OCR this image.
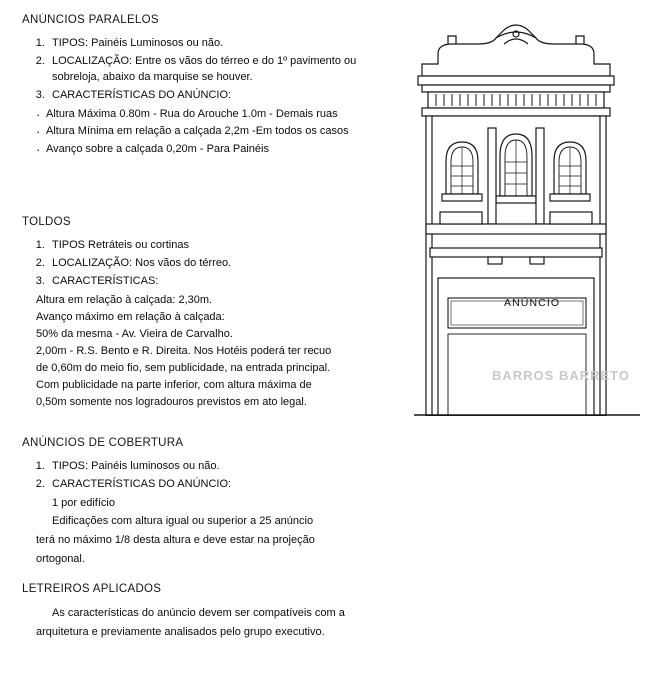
ANÚNCIOS PARALELOS
1. TIPOS: Painéis Luminosos ou não.
2. LOCALIZAÇÃO: Entre os vãos do térreo e do 1º pavimento ou sobreloja, abaixo da marquise se houver.
3. CARACTERÍSTICAS DO ANÚNCIO:
· Altura Máxima 0.80m - Rua do Arouche 1.0m - Demais ruas
· Altura Mínima em relação a calçada 2,2m -Em todos os casos
· Avanço sobre a calçada 0,20m - Para Painéis
TOLDOS
1. TIPOS Retráteis ou cortinas
2. LOCALIZAÇÃO: Nos vãos do térreo.
3. CARACTERÍSTICAS:
Altura em relação à calçada: 2,30m.
Avanço máximo em relação à calçada:
50% da mesma - Av. Vieira de Carvalho.
2,00m - R.S. Bento e R. Direita. Nos Hotéis poderá ter recuo
de 0,60m do meio fio, sem publicidade, na entrada principal.
Com publicidade na parte inferior, com altura máxima de
0,50m somente nos logradouros previstos em ato legal.
ANÚNCIOS DE COBERTURA
1. TIPOS: Painéis luminosos ou não.
2. CARACTERÍSTICAS DO ANÚNCIO:
1 por edifício
Edificações com altura igual ou superior a 25 anúncio
terá no máximo 1/8 desta altura e deve estar na projeção
ortogonal.
LETREIROS APLICADOS
As características do anúncio devem ser compatíveis com a
arquitetura e previamente analisados pelo grupo executivo.
BARROS BARRETO
ANÚNCIO
